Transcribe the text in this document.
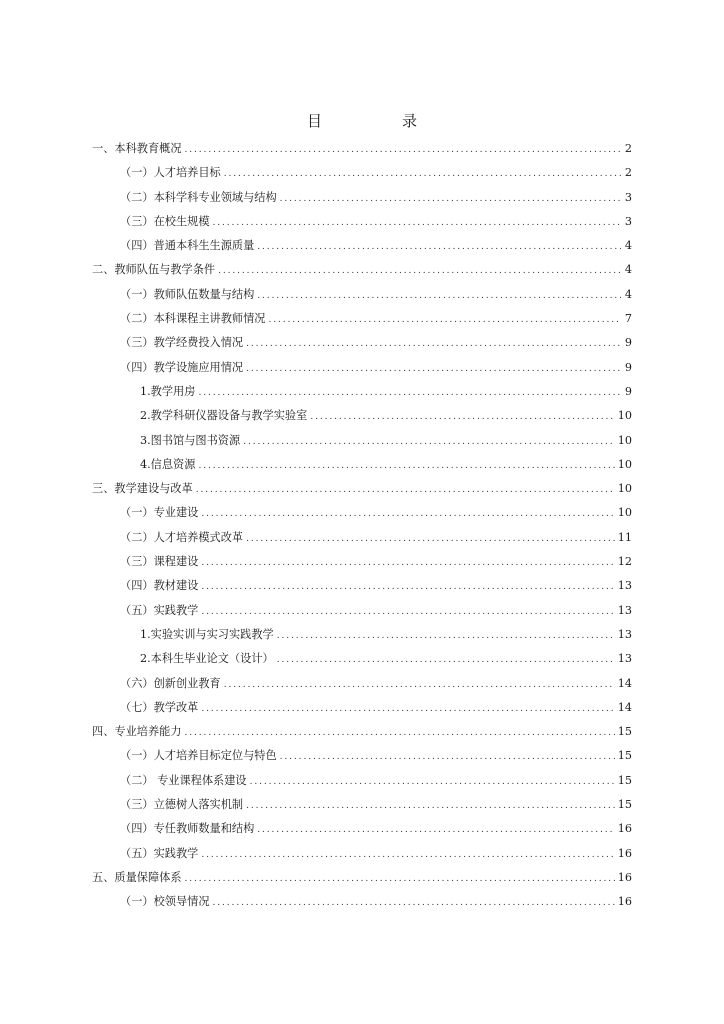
目	录
一、本科教育概况 .....	2
（一）人才培养目标 .....	2
（二）本科学科专业领域与结构 .....	3
（三）在校生规模 .....	3
（四）普通本科生生源质量 .....	4
二、教师队伍与教学条件 .....	4
（一）教师队伍数量与结构 .....	4
（二）本科课程主讲教师情况 .....	7
（三）教学经费投入情况 .....	9
（四）教学设施应用情况 .....	9
1.教学用房 .....	9
2.教学科研仪器设备与教学实验室 .....	10
3.图书馆与图书资源 .....	10
4.信息资源 .....	10
三、教学建设与改革 .....	10
（一）专业建设 .....	10
（二）人才培养模式改革 .....	11
（三）课程建设 .....	12
（四）教材建设 .....	13
（五）实践教学 .....	13
1.实验实训与实习实践教学 .....	13
2.本科生毕业论文（设计） .....	13
（六）创新创业教育 .....	14
（七）教学改革 .....	14
四、专业培养能力 .....	15
（一）人才培养目标定位与特色 .....	15
（二） 专业课程体系建设 .....	15
（三）立德树人落实机制 .....	15
（四）专任教师数量和结构 .....	16
（五）实践教学 .....	16
五、质量保障体系 .....	16
（一）校领导情况 .....	16
